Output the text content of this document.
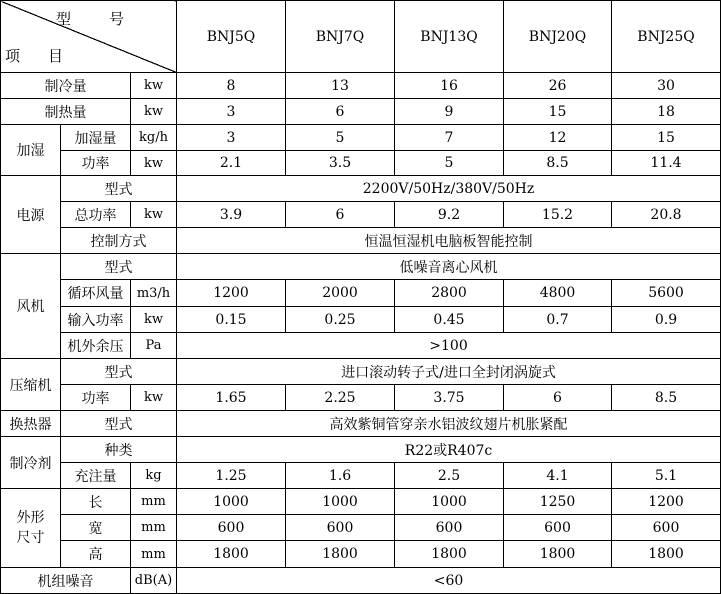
型号
项目			BNJ5Q	BNJ7Q	BNJ13Q	BNJ20Q	BNJ25Q
制冷量		kw	8	13	16	26	30
制热量		kw	3	6	9	15	18
加湿	加湿量	kg/h	3	5	7	12	15
	功率	kw	2.1	3.5	5	8.5	11.4
电源	型式		2200V/50Hz/380V/50Hz				
	总功率	kw	3.9	6	9.2	15.2	20.8
	控制方式		恒温恒湿机电脑板智能控制				
风机	型式		低噪音离心风机				
	循环风量	m3/h	1200	2000	2800	4800	5600
	输入功率	kw	0.15	0.25	0.45	0.7	0.9
	机外余压	Pa	>100				
压缩机	型式		进口滚动转子式/进口全封闭涡旋式				
	功率	kw	1.65	2.25	3.75	6	8.5
换热器	型式		高效紫铜管穿亲水铝波纹翅片机胀紧配				
制冷剂	种类		R22或R407c				
	充注量	kg	1.25	1.6	2.5	4.1	5.1
外形
尺寸	长	mm	1000	1000	1000	1250	1200
	宽	mm	600	600	600	600	600
	高	mm	1800	1800	1800	1800	1800
机组噪音		dB(A)	<60				
